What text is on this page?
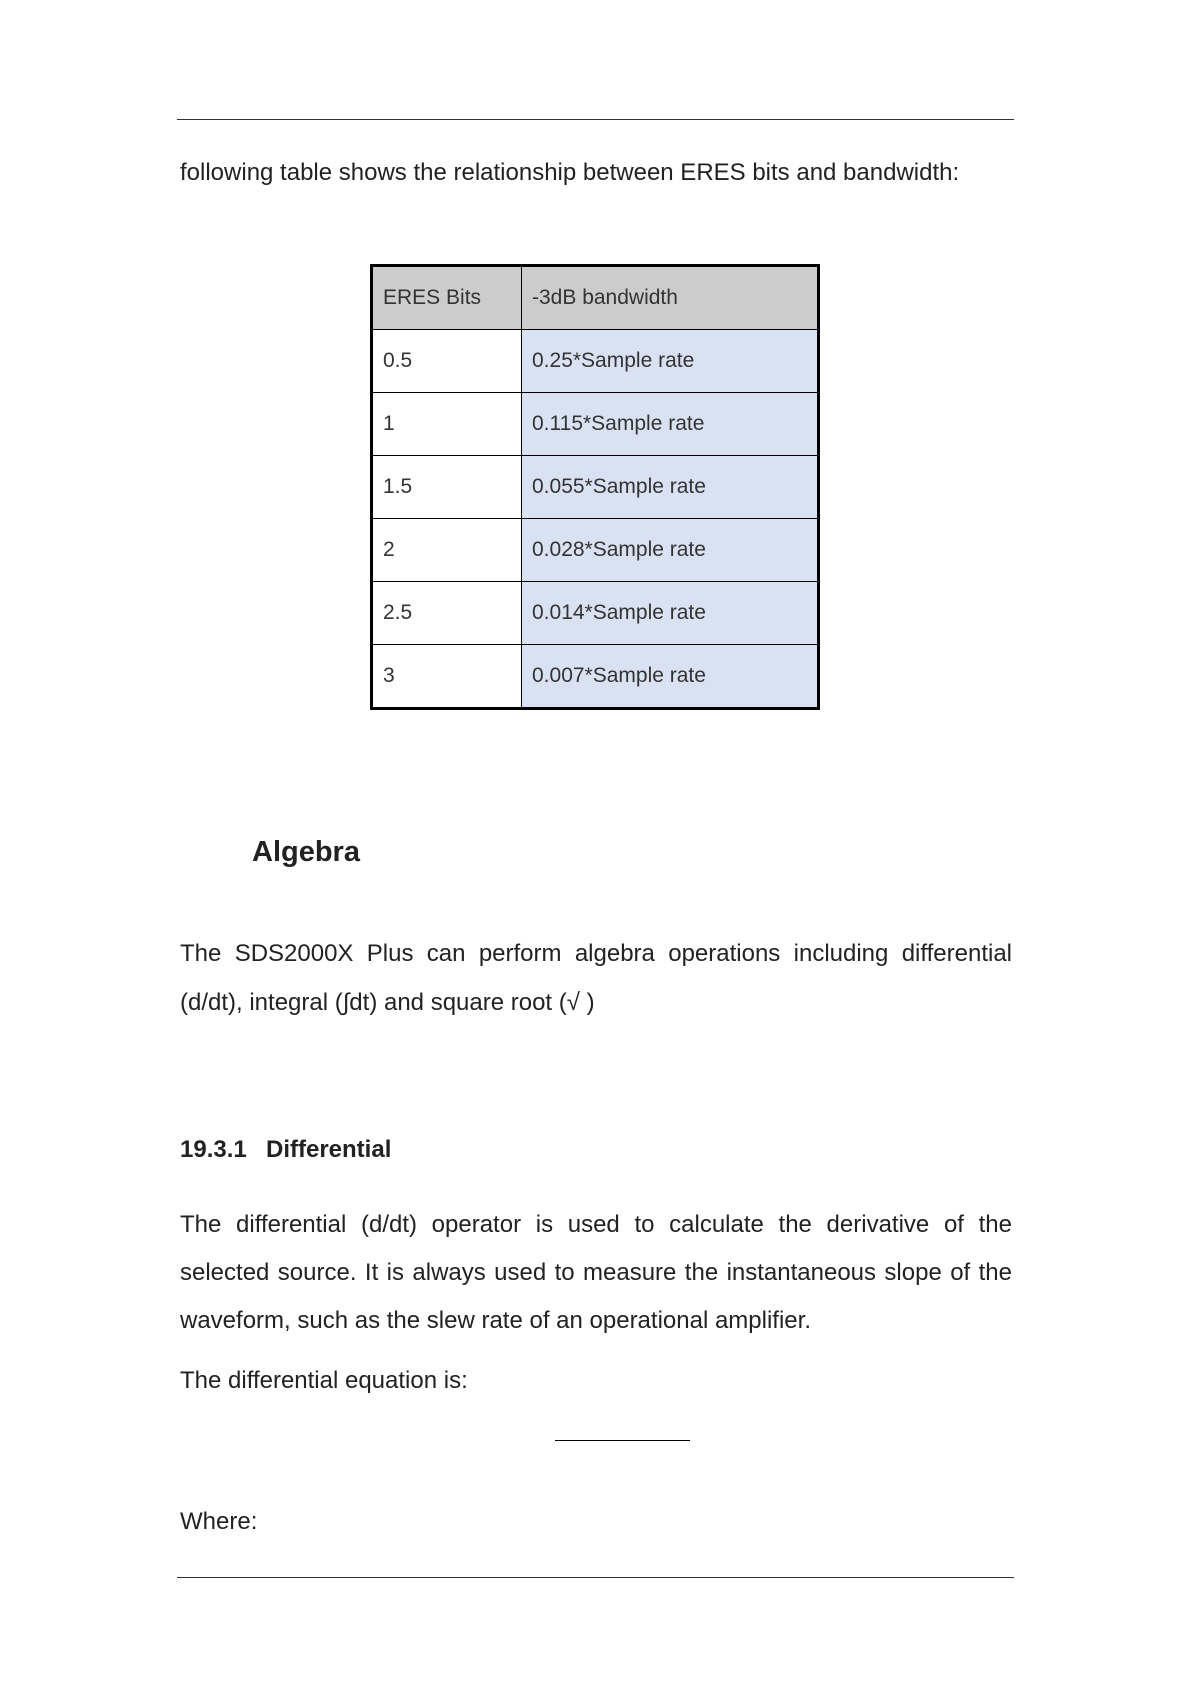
following table shows the relationship between ERES bits and bandwidth:
ERES Bits	-3dB bandwidth
0.5	0.25*Sample rate
1	0.115*Sample rate
1.5	0.055*Sample rate
2	0.028*Sample rate
2.5	0.014*Sample rate
3	0.007*Sample rate
Algebra
The SDS2000X Plus can perform algebra operations including differential
(d/dt), integral (∫dt) and square root (√ )
19.3.1 Differential
The differential (d/dt) operator is used to calculate the derivative of the
selected source. It is always used to measure the instantaneous slope of the
waveform, such as the slew rate of an operational amplifier.
The differential equation is:
Where:
